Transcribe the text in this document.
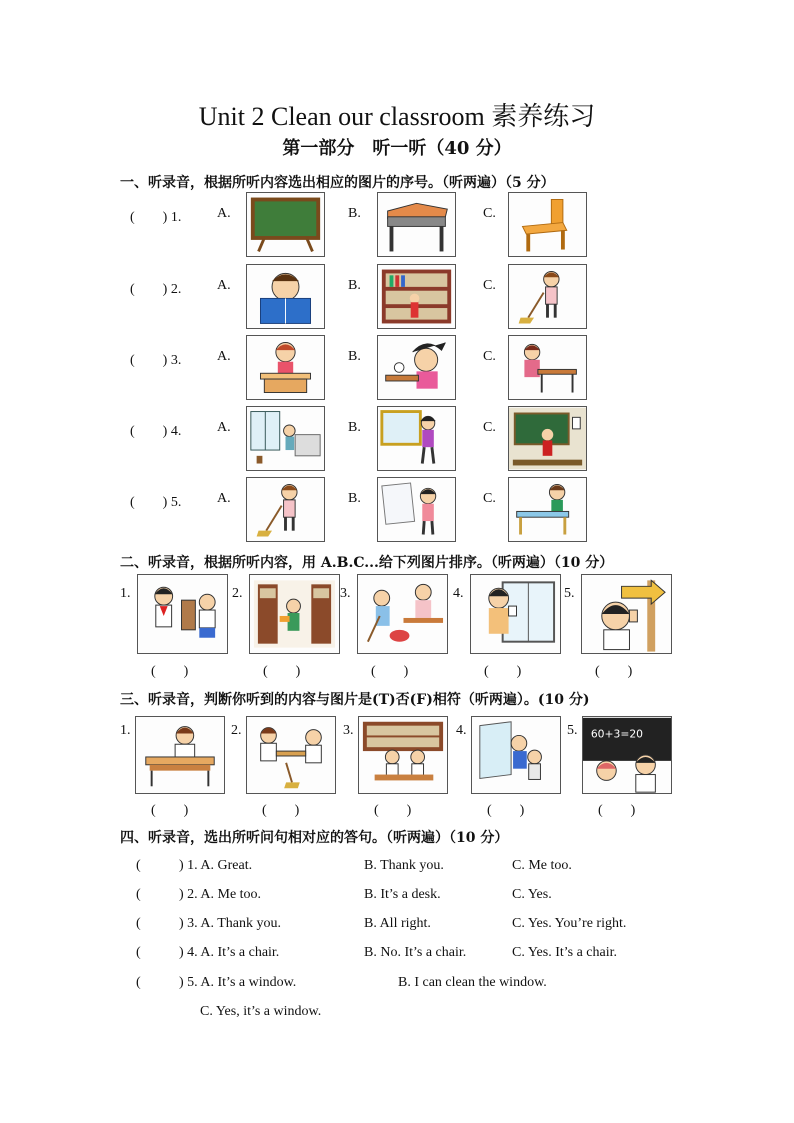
Unit 2 Clean our classroom 素养练习
第一部分　听一听（40 分）
一、听录音，根据所听内容选出相应的图片的序号。（听两遍）（5 分）
二、听录音，根据所听内容，用 A.B.C...给下列图片排序。（听两遍）（10 分）
三、听录音，判断你听到的内容与图片是(T)否(F)相符（听两遍）。(10 分)
四、听录音，选出所听问句相对应的答句。（听两遍）（10 分）
(	) 1. A. Great.	B. Thank you.	C. Me too.
(	) 2. A. Me too.	B. It’s a desk.	C. Yes.
(	) 3. A. Thank you.	B. All right.	C. Yes. You’re right.
(	) 4. A. It’s a chair.	B. No. It’s a chair.	C. Yes. It’s a chair.
(	) 5. A. It’s a window.	B. I can clean the window.
C. Yes, it’s a window.
(　　) 1.	A.	B.	C.
(　　) 2.	A.	B.	C.
(　　) 3.	A.	B.	C.
(　　) 4.	A.	B.	C.
(　　) 5.	A.	B.	C.
1.
(　　)
2.
(　　)
3.
(　　)
4.
(　　)
5.
(　　)
1.
(　　)
2.
(　　)
3.
(　　)
4.
(　　)
5. 60+3=20
(　　)
